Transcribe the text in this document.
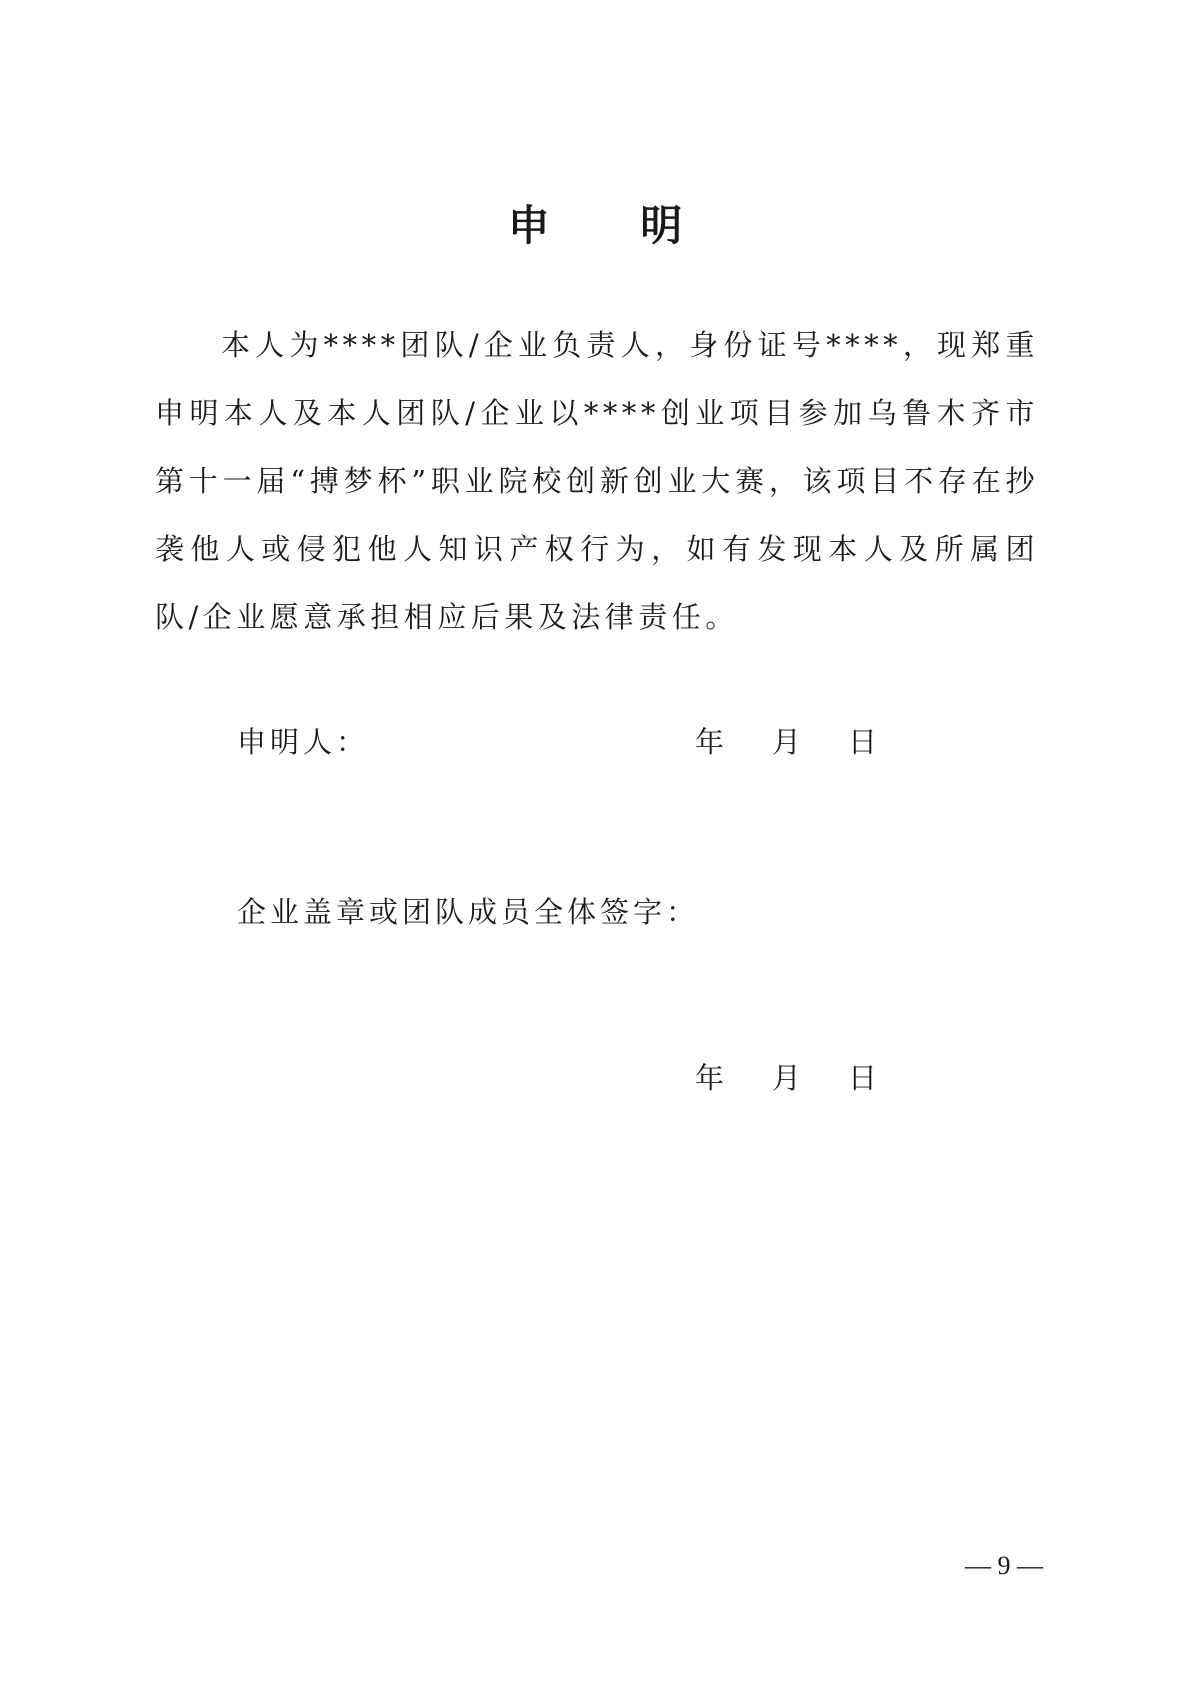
申 明

本人为****团队/企业负责人，身份证号****，现郑重申明本人及本人团队/企业以****创业项目参加乌鲁木齐市第十一届“搏梦杯”职业院校创新创业大赛，该项目不存在抄袭他人或侵犯他人知识产权行为，如有发现本人及所属团队/企业愿意承担相应后果及法律责任。

申明人：	年 月 日
企业盖章或团队成员全体签字：
年 月 日
— 9 —
